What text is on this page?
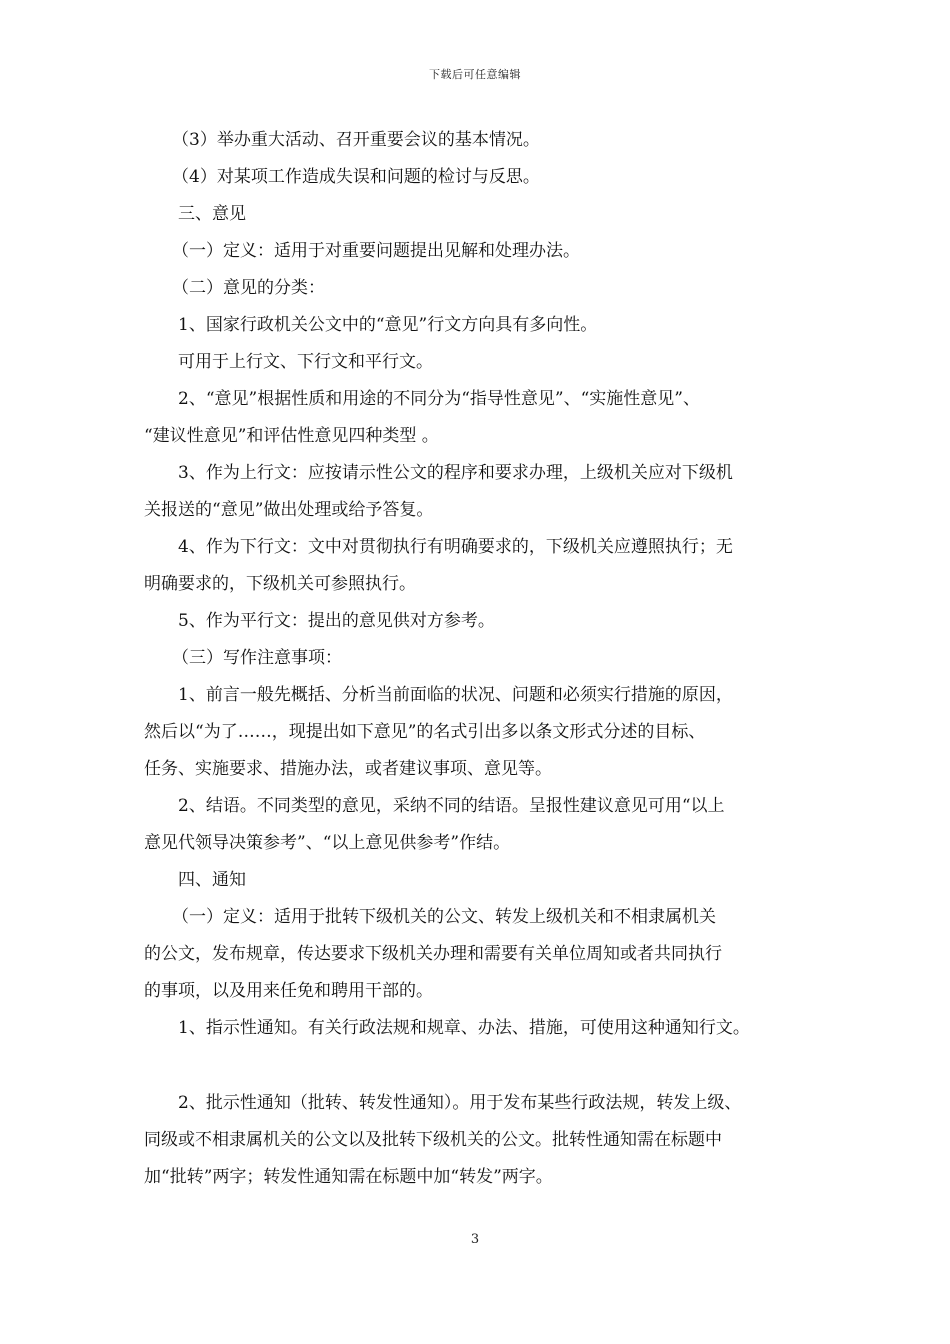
下载后可任意编辑
（3）举办重大活动、召开重要会议的基本情况。
（4）对某项工作造成失误和问题的检讨与反思。
三、意见
（一）定义：适用于对重要问题提出见解和处理办法。
（二）意见的分类：
1、国家行政机关公文中的“意见”行文方向具有多向性。
可用于上行文、下行文和平行文。
2、“意见”根据性质和用途的不同分为“指导性意见”、“实施性意见”、
“建议性意见”和评估性意见四种类型 。
3、作为上行文：应按请示性公文的程序和要求办理，上级机关应对下级机
关报送的“意见”做出处理或给予答复。
4、作为下行文：文中对贯彻执行有明确要求的，下级机关应遵照执行；无
明确要求的，下级机关可参照执行。
5、作为平行文：提出的意见供对方参考。
（三）写作注意事项：
1、前言一般先概括、分析当前面临的状况、问题和必须实行措施的原因，
然后以“为了……，现提出如下意见”的名式引出多以条文形式分述的目标、
任务、实施要求、措施办法，或者建议事项、意见等。
2、结语。不同类型的意见，采纳不同的结语。呈报性建议意见可用“以上
意见代领导决策参考”、“以上意见供参考”作结。
四、通知
（一）定义：适用于批转下级机关的公文、转发上级机关和不相隶属机关
的公文，发布规章，传达要求下级机关办理和需要有关单位周知或者共同执行
的事项，以及用来任免和聘用干部的。
1、指示性通知。有关行政法规和规章、办法、措施，可使用这种通知行文。
2、批示性通知（批转、转发性通知）。用于发布某些行政法规，转发上级、
同级或不相隶属机关的公文以及批转下级机关的公文。批转性通知需在标题中
加“批转”两字；转发性通知需在标题中加“转发”两字。
3
